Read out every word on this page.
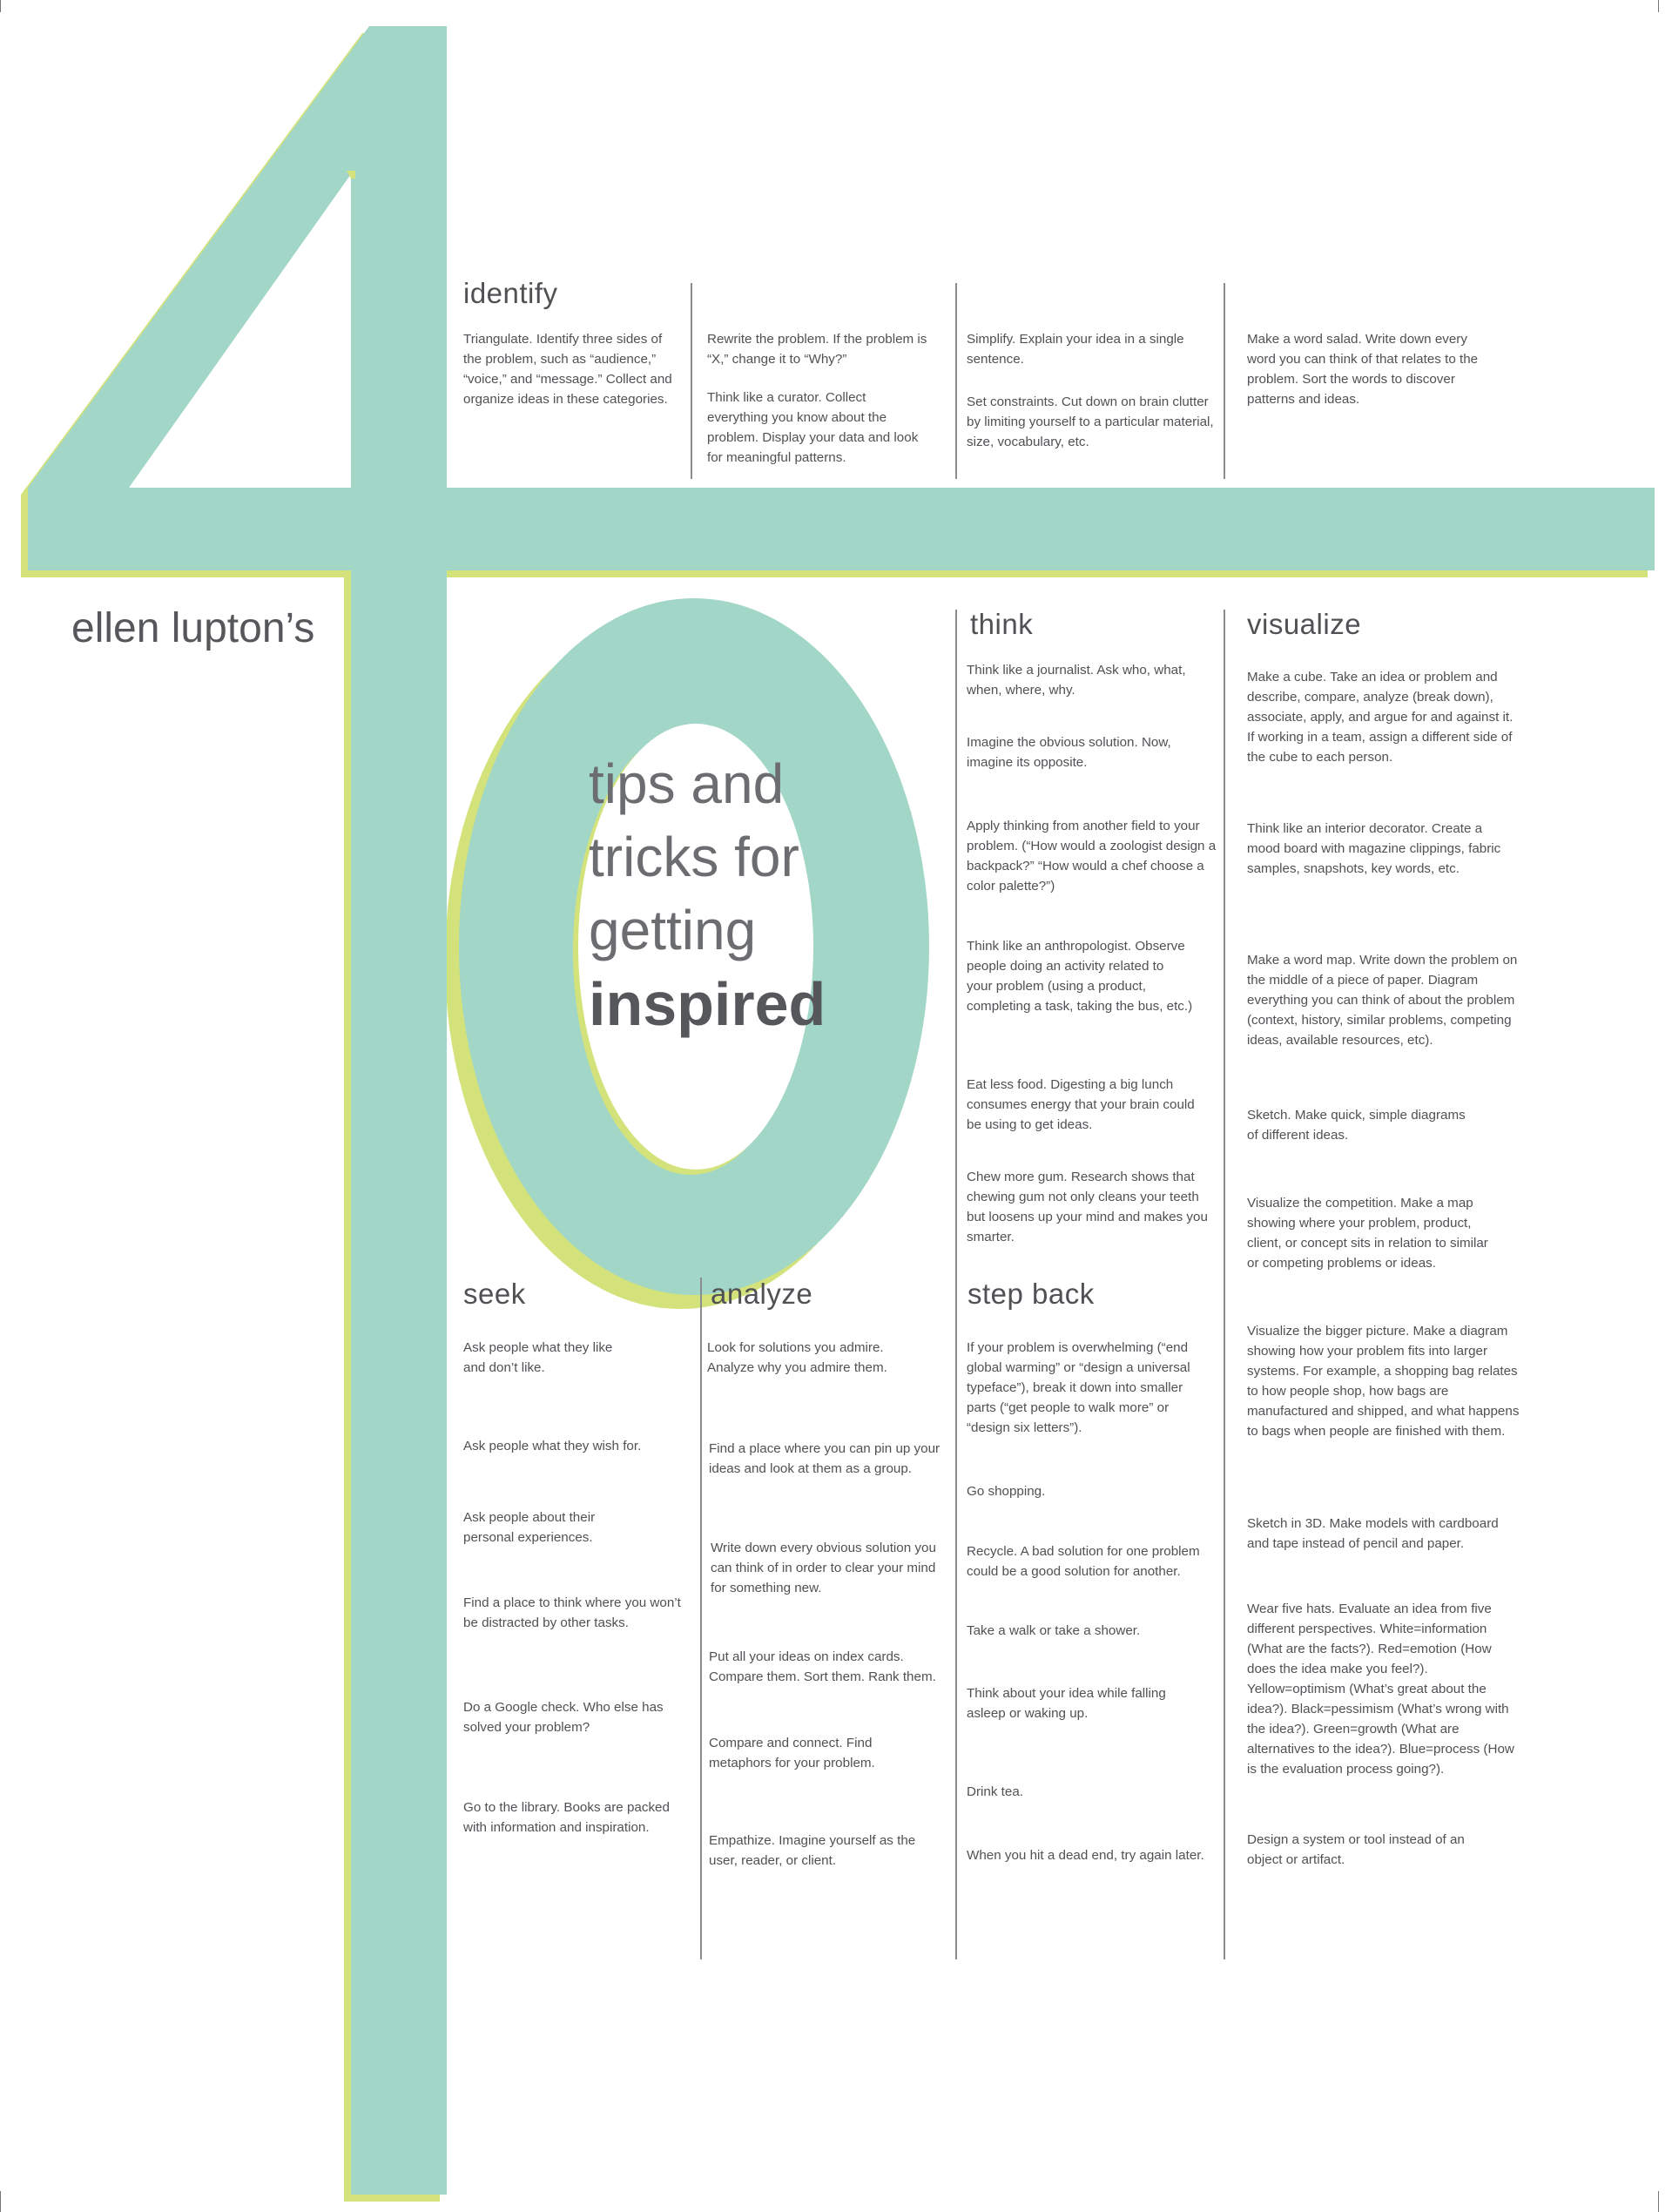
ellen lupton’s
tips and
tricks for
getting
inspired
identify

Triangulate. Identify three sides of the problem, such as “audience,” “voice,” and “message.” Collect and organize ideas in these categories.

Rewrite the problem. If the problem is “X,” change it to “Why?”

Think like a curator. Collect everything you know about the problem. Display your data and look for meaningful patterns.

Simplify. Explain your idea in a single sentence.

Set constraints. Cut down on brain clutter by limiting yourself to a particular material, size, vocabulary, etc.

Make a word salad. Write down every word you can think of that relates to the problem. Sort the words to discover patterns and ideas.

think

Think like a journalist. Ask who, what, when, where, why.

Imagine the obvious solution. Now, imagine its opposite.

Apply thinking from another field to your problem. (“How would a zoologist design a backpack?” “How would a chef choose a color palette?”)

Think like an anthropologist. Observe people doing an activity related to your problem (using a product, completing a task, taking the bus, etc.)

Eat less food. Digesting a big lunch consumes energy that your brain could be using to get ideas.

Chew more gum. Research shows that chewing gum not only cleans your teeth but loosens up your mind and makes you smarter.

visualize

Make a cube. Take an idea or problem and describe, compare, analyze (break down), associate, apply, and argue for and against it. If working in a team, assign a different side of the cube to each person.

Think like an interior decorator. Create a mood board with magazine clippings, fabric samples, snapshots, key words, etc.

Make a word map. Write down the problem on the middle of a piece of paper. Diagram everything you can think of about the problem (context, history, similar problems, competing ideas, available resources, etc).

Sketch. Make quick, simple diagrams of different ideas.

Visualize the competition. Make a map showing where your problem, product, client, or concept sits in relation to similar or competing problems or ideas.

Visualize the bigger picture. Make a diagram showing how your problem fits into larger systems. For example, a shopping bag relates to how people shop, how bags are manufactured and shipped, and what happens to bags when people are finished with them.

Sketch in 3D. Make models with cardboard and tape instead of pencil and paper.

Wear five hats. Evaluate an idea from five different perspectives. White=information (What are the facts?). Red=emotion (How does the idea make you feel?). Yellow=optimism (What’s great about the idea?). Black=pessimism (What’s wrong with the idea?). Green=growth (What are alternatives to the idea?). Blue=process (How is the evaluation process going?).

Design a system or tool instead of an object or artifact.

seek

Ask people what they like and don’t like.

Ask people what they wish for.

Ask people about their personal experiences.

Find a place to think where you won’t be distracted by other tasks.

Do a Google check. Who else has solved your problem?

Go to the library. Books are packed with information and inspiration.

analyze

Look for solutions you admire. Analyze why you admire them.

Find a place where you can pin up your ideas and look at them as a group.

Write down every obvious solution you can think of in order to clear your mind for something new.

Put all your ideas on index cards. Compare them. Sort them. Rank them.

Compare and connect. Find metaphors for your problem.

Empathize. Imagine yourself as the user, reader, or client.

step back

If your problem is overwhelming (“end global warming” or “design a universal typeface”), break it down into smaller parts (“get people to walk more” or “design six letters”).

Go shopping.

Recycle. A bad solution for one problem could be a good solution for another.

Take a walk or take a shower.

Think about your idea while falling asleep or waking up.

Drink tea.

When you hit a dead end, try again later.
